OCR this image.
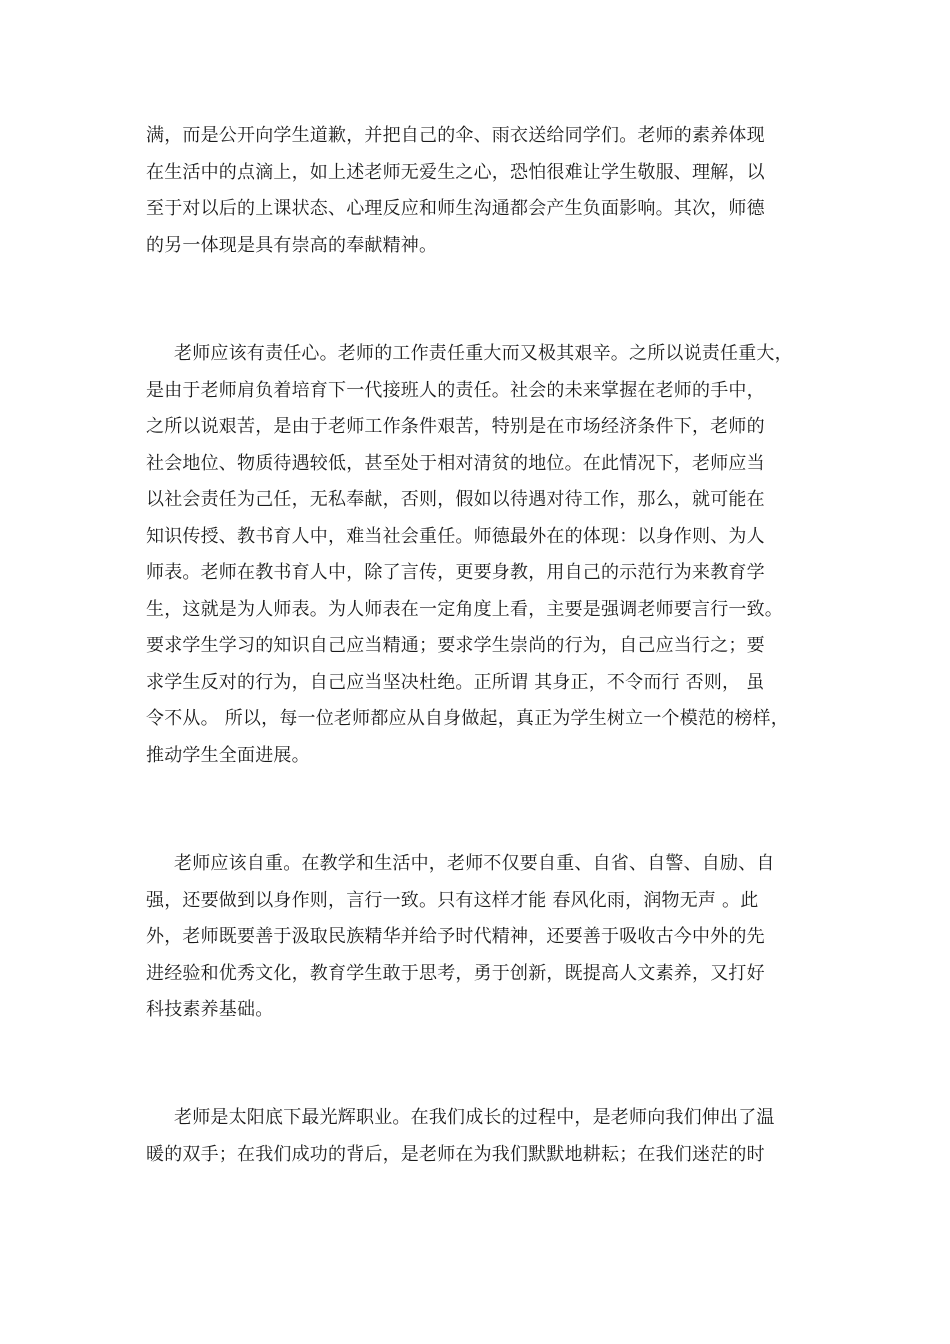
满，而是公开向学生道歉，并把自己的伞、雨衣送给同学们。老师的素养体现
在生活中的点滴上，如上述老师无爱生之心，恐怕很难让学生敬服、理解，以
至于对以后的上课状态、心理反应和师生沟通都会产生负面影响。其次，师德
的另一体现是具有崇高的奉献精神。
老师应该有责任心。老师的工作责任重大而又极其艰辛。之所以说责任重大，
是由于老师肩负着培育下一代接班人的责任。社会的未来掌握在老师的手中，
之所以说艰苦，是由于老师工作条件艰苦，特别是在市场经济条件下，老师的
社会地位、物质待遇较低，甚至处于相对清贫的地位。在此情况下，老师应当
以社会责任为己任，无私奉献，否则，假如以待遇对待工作，那么，就可能在
知识传授、教书育人中，难当社会重任。师德最外在的体现：以身作则、为人
师表。老师在教书育人中，除了言传，更要身教，用自己的示范行为来教育学
生，这就是为人师表。为人师表在一定角度上看，主要是强调老师要言行一致。
要求学生学习的知识自己应当精通；要求学生崇尚的行为，自己应当行之；要
求学生反对的行为，自己应当坚决杜绝。正所谓 其身正，不令而行 否则， 虽
令不从。 所以，每一位老师都应从自身做起，真正为学生树立一个模范的榜样，
推动学生全面进展。
老师应该自重。在教学和生活中，老师不仅要自重、自省、自警、自励、自
强，还要做到以身作则，言行一致。只有这样才能 春风化雨，润物无声 。此
外，老师既要善于汲取民族精华并给予时代精神，还要善于吸收古今中外的先
进经验和优秀文化，教育学生敢于思考，勇于创新，既提高人文素养，又打好
科技素养基础。
老师是太阳底下最光辉职业。在我们成长的过程中，是老师向我们伸出了温
暖的双手；在我们成功的背后，是老师在为我们默默地耕耘；在我们迷茫的时
